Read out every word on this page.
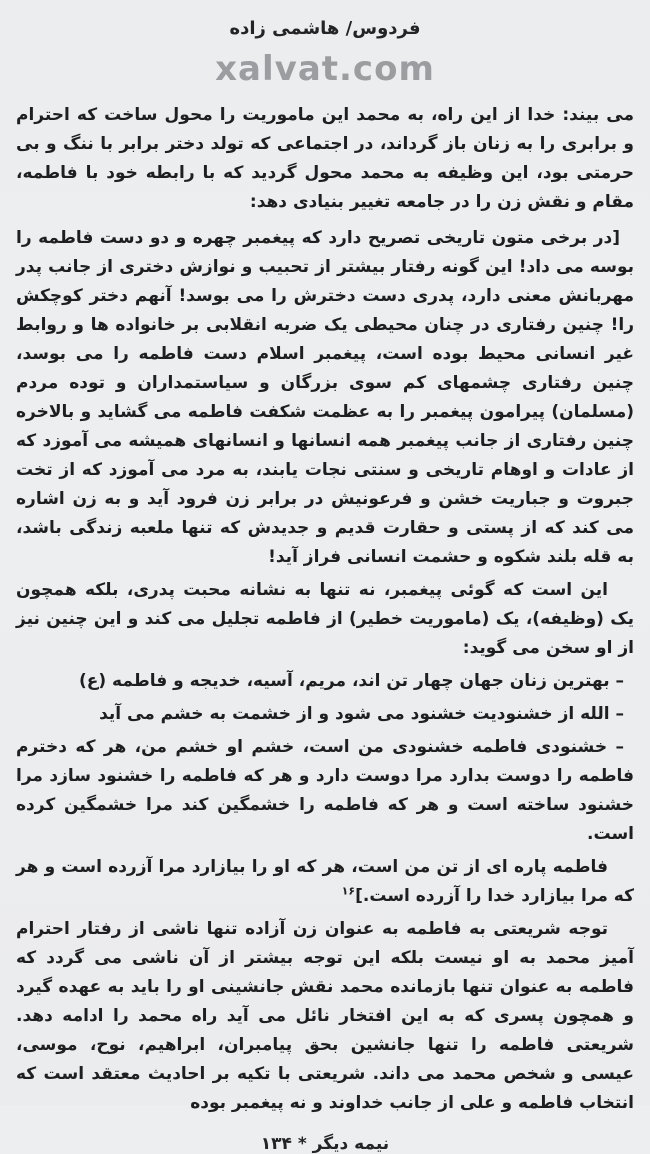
فردوس/ هاشمی زاده
xalvat.com

می بیند: خدا از این راه، به محمد این ماموریت را محول ساخت که احترام و برابری را به زنان باز گرداند، در اجتماعی که تولد دختر برابر با ننگ و بی حرمتی بود، این وظیفه به محمد محول گردید که با رابطه خود با فاطمه، مقام و نقش زن را در جامعه تغییر بنیادی دهد:

[در برخی متون تاریخی تصریح دارد که پیغمبر چهره و دو دست فاطمه را بوسه می داد! این گونه رفتار بیشتر از تحبیب و نوازش دختری از جانب پدر مهربانش معنی دارد، پدری دست دخترش را می بوسد! آنهم دختر کوچکش را! چنین رفتاری در چنان محیطی یک ضربه انقلابی بر خانواده ها و روابط غیر انسانی محیط بوده است، پیغمبر اسلام دست فاطمه را می بوسد، چنین رفتاری چشمهای کم سوی بزرگان و سیاستمداران و توده مردم (مسلمان) پیرامون پیغمبر را به عظمت شکفت فاطمه می گشاید و بالاخره چنین رفتاری از جانب پیغمبر همه انسانها و انسانهای همیشه می آموزد که از عادات و اوهام تاریخی و سنتی نجات یابند، به مرد می آموزد که از تخت جبروت و جباریت خشن و فرعونیش در برابر زن فرود آید و به زن اشاره می کند که از پستی و حقارت قدیم و جدیدش که تنها ملعبه زندگی باشد، به قله بلند شکوه و حشمت انسانی فراز آید!

این است که گوئی پیغمبر، نه تنها به نشانه محبت پدری، بلکه همچون یک (وظیفه)، یک (ماموریت خطیر) از فاطمه تجلیل می کند و این چنین نیز از او سخن می گوید:

– بهترین زنان جهان چهار تن اند، مریم، آسیه، خدیجه و فاطمه (ع)

– الله از خشنودیت خشنود می شود و از خشمت به خشم می آید

– خشنودی فاطمه خشنودی من است، خشم او خشم من، هر که دخترم فاطمه را دوست بدارد مرا دوست دارد و هر که فاطمه را خشنود سازد مرا خشنود ساخته است و هر که فاطمه را خشمگین کند مرا خشمگین کرده است.

فاطمه پاره ای از تن من است، هر که او را بیازارد مرا آزرده است و هر که مرا بیازارد خدا را آزرده است.]$^{۱۶}$

توجه شریعتی به فاطمه به عنوان زن آزاده تنها ناشی از رفتار احترام آمیز محمد به او نیست بلکه این توجه بیشتر از آن ناشی می گردد که فاطمه به عنوان تنها بازمانده محمد نقش جانشینی او را باید به عهده گیرد و همچون پسری که به این افتخار نائل می آید راه محمد را ادامه دهد. شریعتی فاطمه را تنها جانشین بحق پیامبران، ابراهیم، نوح، موسی، عیسی و شخص محمد می داند. شریعتی با تکیه بر احادیث معتقد است که انتخاب فاطمه و علی از جانب خداوند و نه پیغمبر بوده

نیمه دیگر * ۱۳۴
